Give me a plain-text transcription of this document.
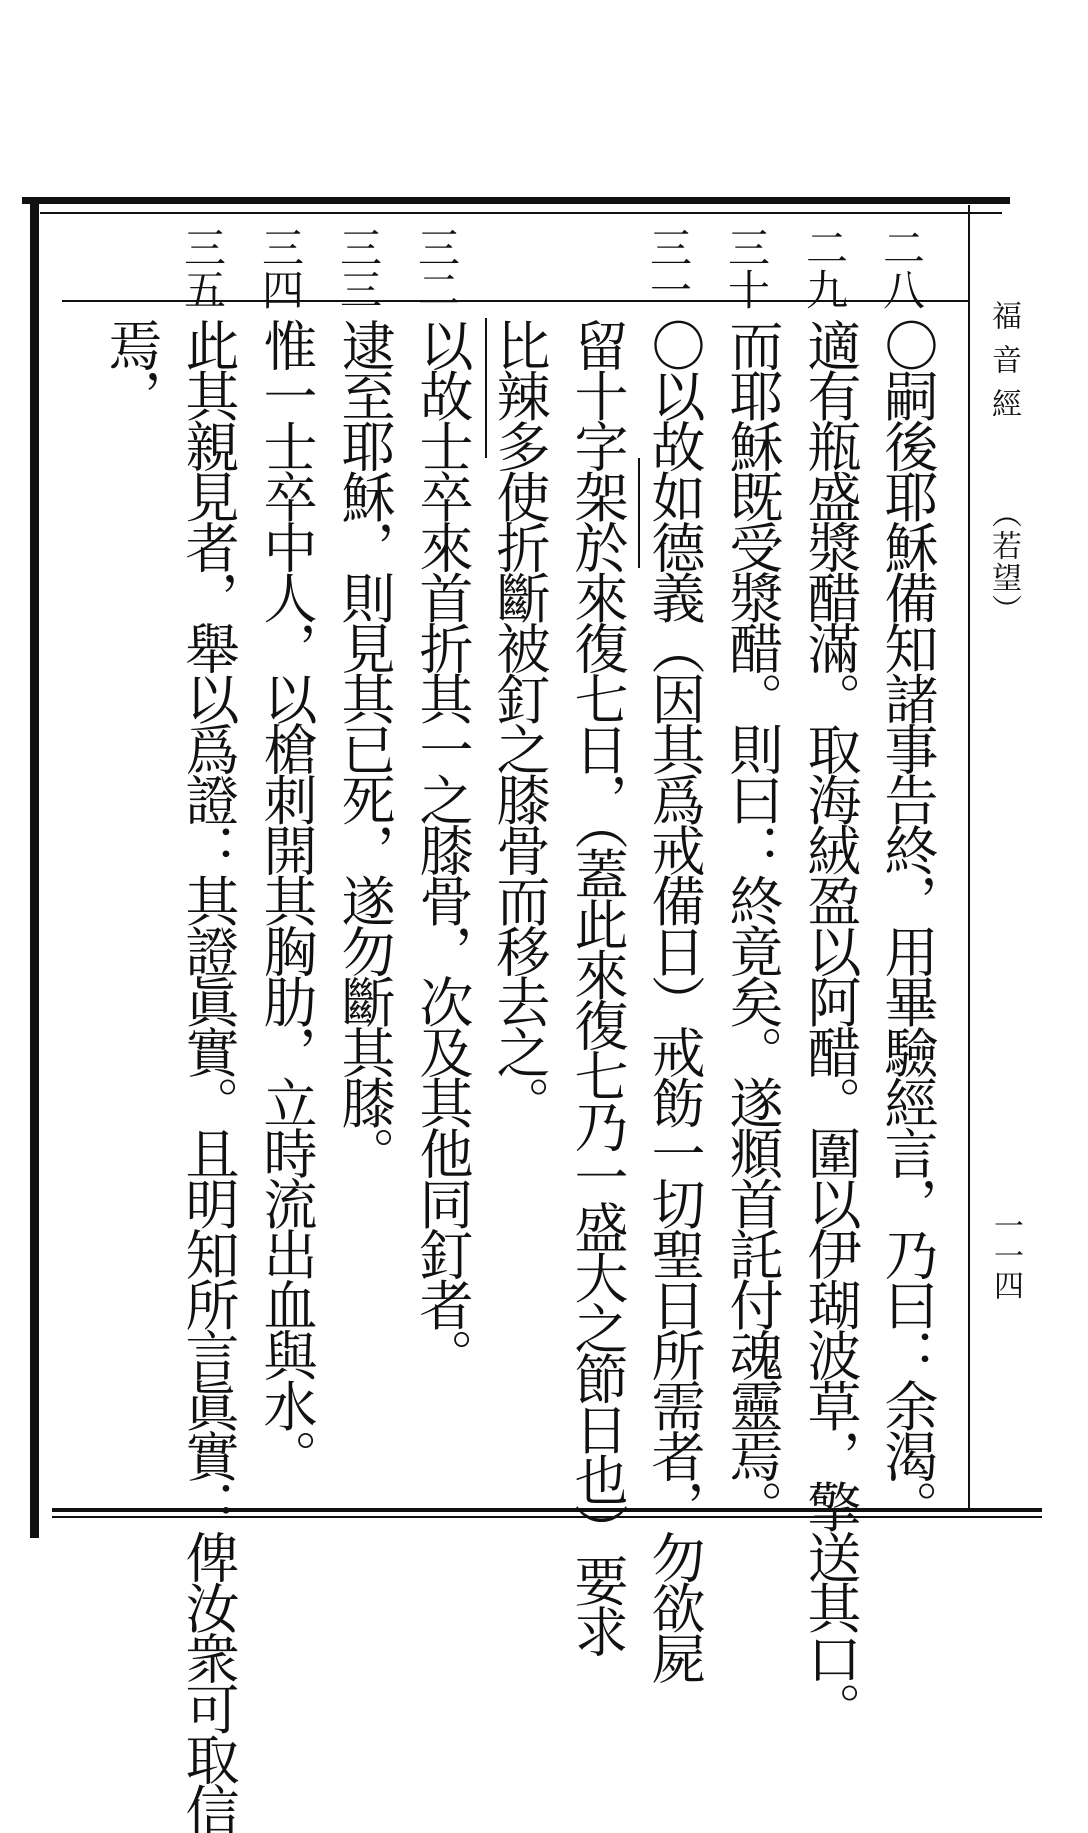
福音經
（若望）
一一四
二八
二九
三十
三一
三二
三三
三四
三五
〇嗣後耶穌備知諸事告終，用畢驗經言，乃曰：余渴。
適有瓶盛漿醋滿。取海絨盈以阿醋。圍以伊瑚波草，擎送其口。
而耶穌既受漿醋。則曰：終竟矣。遂頫首託付魂靈焉。
〇以故如德義（因其爲戒備日）戒飭一切聖日所需者，勿欲屍
留十字架於來復七日，（蓋此來復七乃一盛大之節日也）要求
比辣多使折斷被釘之膝骨而移去之。
以故士卒來首折其一之膝骨，次及其他同釘者。
逮至耶穌，則見其已死，遂勿斷其膝。
惟一士卒中人，以槍刺開其胸肋，立時流出血與水。
此其親見者，舉以爲證：其證眞實。且明知所言眞實：俾汝衆可取信
焉，
